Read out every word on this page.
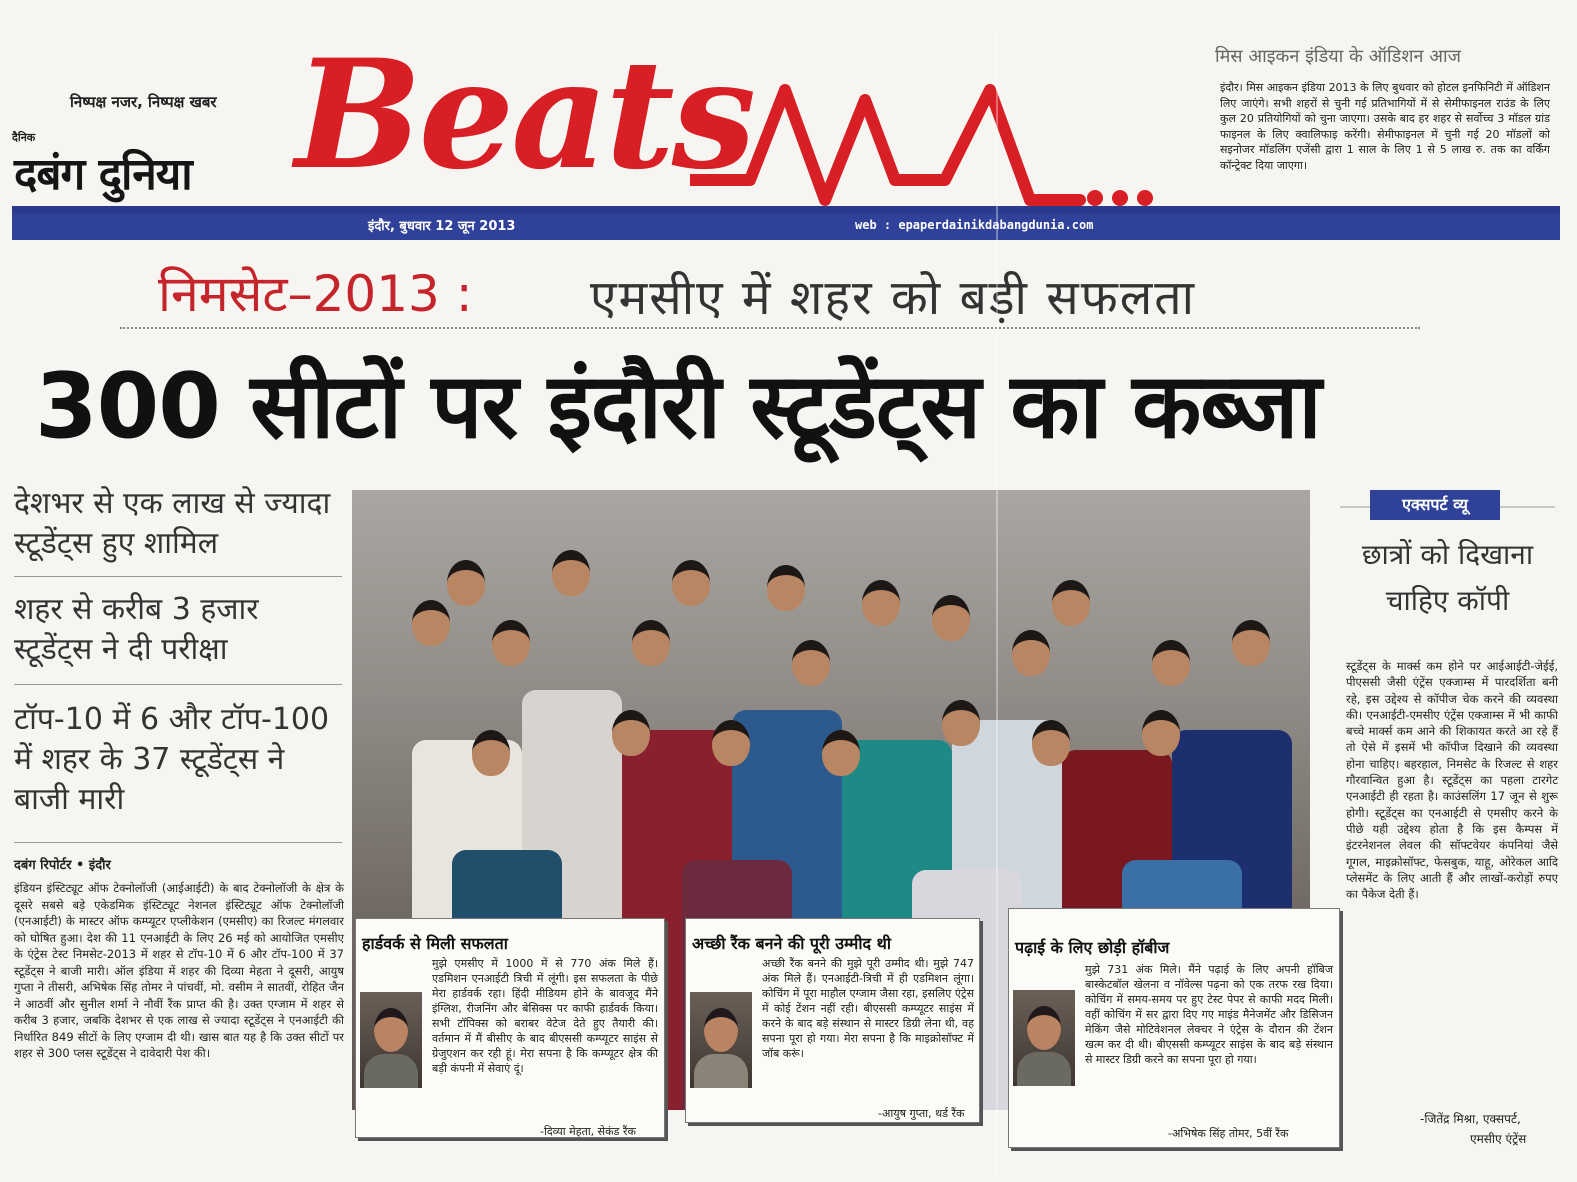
निष्पक्ष नजर, निष्पक्ष खबर
दैनिक
दबंग दुनिया Beats	मिस आइकन इंडिया के ऑडिशन आज
इंदौर। मिस आइकन इंडिया 2013 के लिए बुधवार को होटल इनफिनिटी में ऑडिशन लिए जाएंगे। सभी शहरों से चुनी गई प्रतिभागियों में से सेमीफाइनल राउंड के लिए कुल 20 प्रतियोगियों को चुना जाएगा। उसके बाद हर शहर से सर्वोच्च 3 मॉडल ग्रांड फाइनल के लिए क्वालिफाइ करेंगी। सेमीफाइनल में चुनी गई 20 मॉडलों को सइनोजर मॉडलिंग एजेंसी द्वारा 1 साल के लिए 1 से 5 लाख रु. तक का वर्किंग कॉन्ट्रेक्ट दिया जाएगा।
इंदौर, बुधवार 12 जून 2013	web : epaperdainikdabangdunia.com
निमसेट–2013 : एमसीए में शहर को बड़ी सफलता
300 सीटों पर इंदौरी स्टूडेंट्स का कब्जा
देशभर से एक लाख से ज्यादा स्टूडेंट्स हुए शामिल
शहर से करीब 3 हजार स्टूडेंट्स ने दी परीक्षा
टॉप-10 में 6 और टॉप-100 में शहर के 37 स्टूडेंट्स ने बाजी मारी
दबंग रिपोर्टर • इंदौर
इंडियन इंस्टिट्यूट ऑफ टेक्नोलॉजी (आईआईटी) के बाद टेक्नोलॉजी के क्षेत्र के दूसरे सबसे बड़े एकेडमिक इंस्टिट्यूट नेशनल इंस्टिट्यूट ऑफ टेक्नोलॉजी (एनआईटी) के मास्टर ऑफ कम्प्यूटर एप्लीकेशन (एमसीए) का रिजल्ट मंगलवार को घोषित हुआ। देश की 11 एनआईटी के लिए 26 मई को आयोजित एमसीए के एंट्रेस टेस्ट निमसेट-2013 में शहर से टॉप-10 में 6 और टॉप-100 में 37 स्टूडेंट्स ने बाजी मारी। ऑल इंडिया में शहर की दिव्या मेहता ने दूसरी, आयुष गुप्ता ने तीसरी, अभिषेक सिंह तोमर ने पांचवीं, मो. वसीम ने सातवीं, रोहित जैन ने आठवीं और सुनील शर्मा ने नौवीं रैंक प्राप्त की है। उक्त एग्जाम में शहर से करीब 3 हजार, जबकि देशभर से एक लाख से ज्यादा स्टूडेंट्स ने एनआईटी की निर्धारित 849 सीटों के लिए एग्जाम दी थी। खास बात यह है कि उक्त सीटों पर शहर से 300 प्लस स्टूडेंट्स ने दावेदारी पेश की।
हार्डवर्क से मिली सफलता
मुझे एमसीए में 1000 में से 770 अंक मिले हैं। एडमिशन एनआईटी त्रिची में लूंगी। इस सफलता के पीछे मेरा हार्डवर्क रहा। हिंदी मीडियम होने के बावजूद मैंने इंग्लिश, रीजनिंग और बेसिक्स पर काफी हार्डवर्क किया। सभी टॉपिक्स को बराबर वेटेज देते हुए तैयारी की। वर्तमान में मैं बीसीए के बाद बीएससी कम्प्यूटर साइंस से ग्रेजुएशन कर रही हूं। मेरा सपना है कि कम्प्यूटर क्षेत्र की बड़ी कंपनी में सेवाएं दूं।
-दिव्या मेहता, सेकंड रैंक
अच्छी रैंक बनने की पूरी उम्मीद थी
अच्छी रैंक बनने की मुझे पूरी उम्मीद थी। मुझे 747 अंक मिले हैं। एनआईटी-त्रिची में ही एडमिशन लूंगा। कोचिंग में पूरा माहौल एग्जाम जैसा रहा, इसलिए एंट्रेस में कोई टेंशन नहीं रही। बीएससी कम्प्यूटर साइंस में करने के बाद बड़े संस्थान से मास्टर डिग्री लेना थी, वह सपना पूरा हो गया। मेरा सपना है कि माइक्रोसॉफ्ट में जॉब करूं।
-आयुष गुप्ता, थर्ड रैंक
पढ़ाई के लिए छोड़ी हॉबीज
मुझे 731 अंक मिले। मैंने पढ़ाई के लिए अपनी हॉबिज बास्केटबॉल खेलना व नॉवेल्स पढ़ना को एक तरफ रख दिया। कोचिंग में समय-समय पर हुए टेस्ट पेपर से काफी मदद मिली। वहीं कोचिंग में सर द्वारा दिए गए माइंड मैनेजमेंट और डिसिजन मेकिंग जैसे मोटिवेशनल लेक्चर ने एंट्रेस के दौरान की टेंशन खत्म कर दी थी। बीएससी कम्प्यूटर साइंस के बाद बड़े संस्थान से मास्टर डिग्री करने का सपना पूरा हो गया।
-अभिषेक सिंह तोमर, 5वीं रैंक
एक्सपर्ट व्यू
छात्रों को दिखाना चाहिए कॉपी
स्टूडेंट्स के मार्क्स कम होने पर आईआईटी-जेईई, पीएससी जैसी एंट्रेंस एक्जाम्स में पारदर्शिता बनी रहे, इस उद्देश्य से कॉपीज चेक करने की व्यवस्था की। एनआईटी-एमसीए एंट्रेंस एक्जाम्स में भी काफी बच्चे मार्क्स कम आने की शिकायत करते आ रहे हैं तो ऐसे में इसमें भी कॉपीज दिखाने की व्यवस्था होना चाहिए। बहरहाल, निमसेट के रिजल्ट से शहर गौरवान्वित हुआ है। स्टूडेंट्स का पहला टारगेट एनआईटी ही रहता है। काउंसलिंग 17 जून से शुरू होगी। स्टूडेंट्स का एनआईटी से एमसीए करने के पीछे यही उद्देश्य होता है कि इस कैम्पस में इंटरनेशनल लेवल की सॉफ्टवेयर कंपनियां जैसे गूगल, माइक्रोसॉफ्ट, फेसबुक, याहू, ओरेकल आदि प्लेसमेंट के लिए आती हैं और लाखों-करोड़ों रुपए का पैकेज देती हैं।
-जितेंद्र मिश्रा, एक्सपर्ट,
एमसीए एंट्रेंस
